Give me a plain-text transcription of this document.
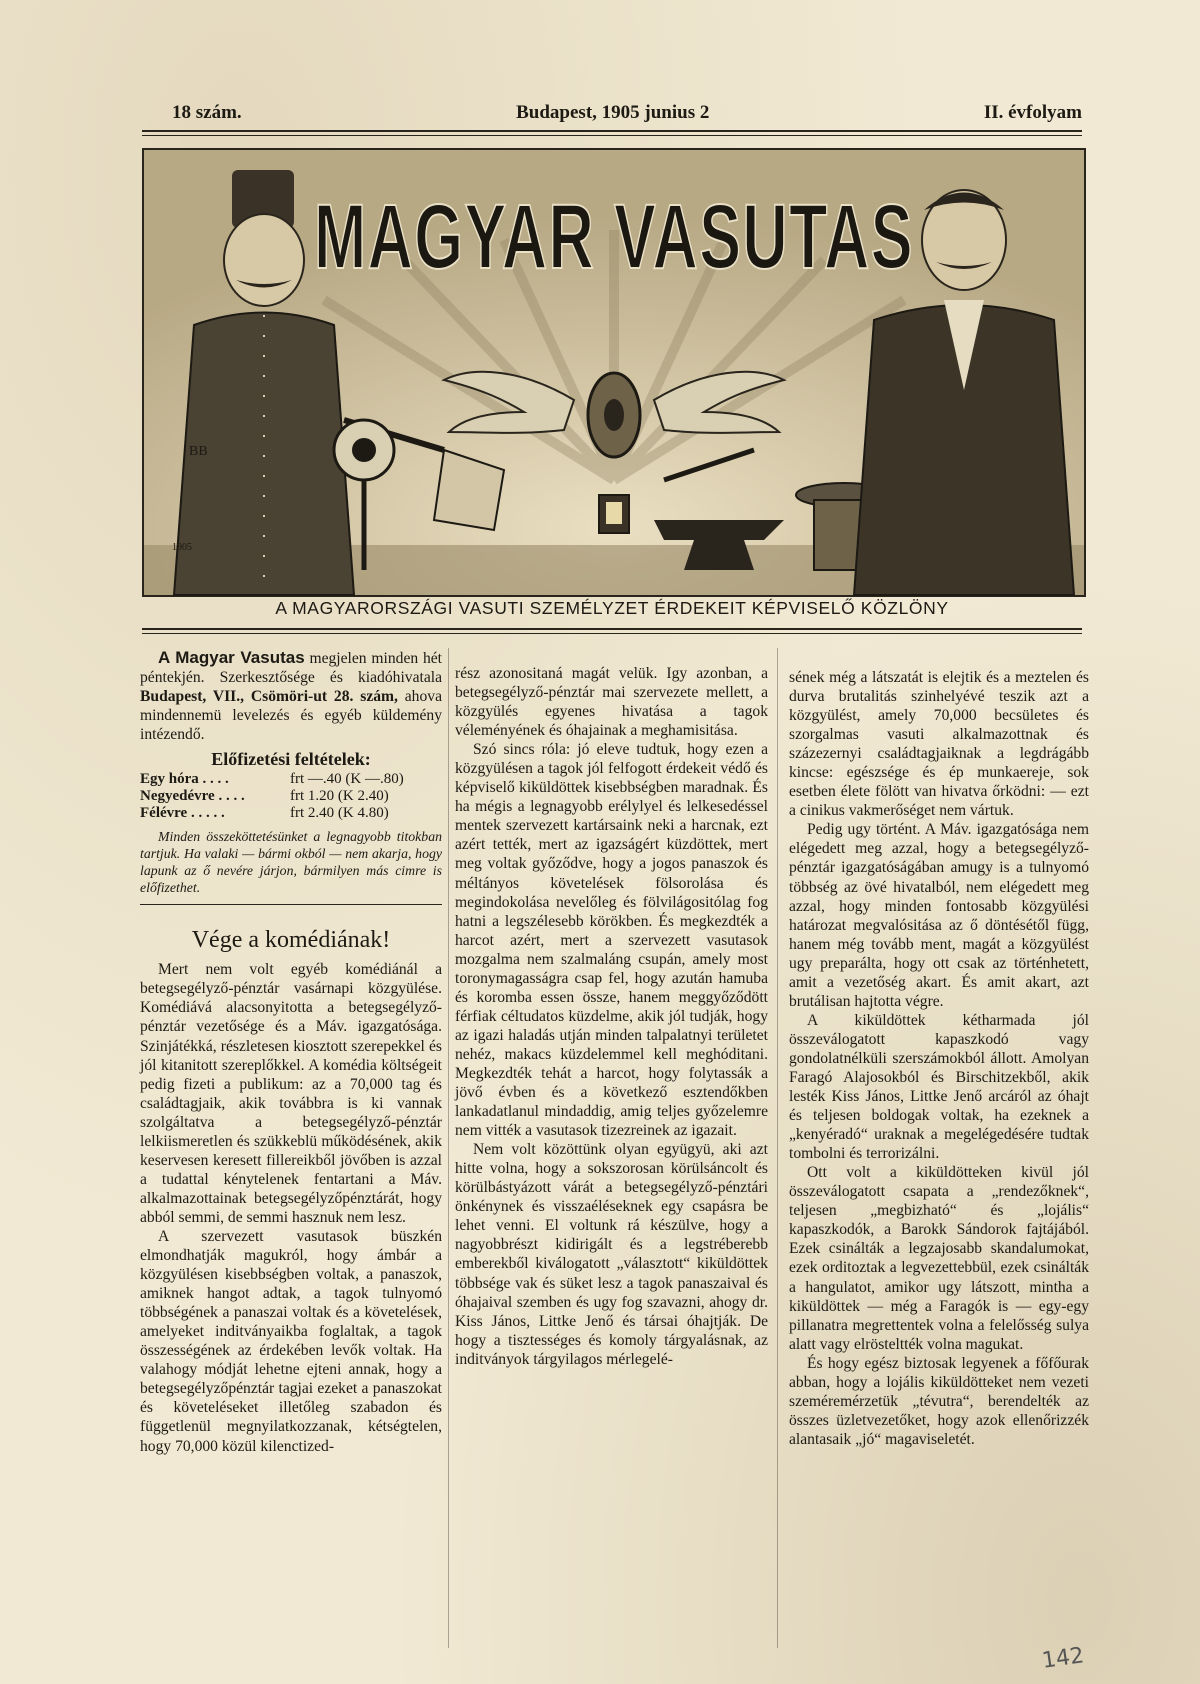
18 szám.	Budapest, 1905 junius 2	II. évfolyam
MAGYAR VASUTAS
BB
1905
A MAGYARORSZÁGI VASUTI SZEMÉLYZET ÉRDEKEIT KÉPVISELŐ KÖZLÖNY

A Magyar Vasutas megjelen minden hét péntekjén. Szerkesztősége és kiadóhivatala Budapest, VII., Csömöri-ut 28. szám, ahova mindennemü levelezés és egyéb küldemény intézendő.

Előfizetési feltételek:

Egy hóra . . . .	frt —.40 (K —.80)
Negyedévre . . . .	frt 1.20 (K 2.40)
Félévre . . . . .	frt 2.40 (K 4.80)

Minden összeköttetésünket a legnagyobb titokban tartjuk. Ha valaki — bármi okból — nem akarja, hogy lapunk az ő nevére járjon, bármilyen más cimre is előfizethet.

Vége a komédiának!

Mert nem volt egyéb komédiánál a betegsegélyző-pénztár vasárnapi közgyülése. Komédiává alacsonyitotta a betegsegélyző-pénztár vezetősége és a Máv. igazgatósága. Szinjátékká, részletesen kiosztott szerepekkel és jól kitanitott szereplőkkel. A komédia költségeit pedig fizeti a publikum: az a 70,000 tag és családtagjaik, akik továbbra is ki vannak szolgáltatva a betegsegélyző-pénztár lelkiismeretlen és szükkeblü működésének, akik keservesen keresett fillereikből jövőben is azzal a tudattal kénytelenek fentartani a Máv. alkalmazottainak betegsegélyzőpénztárát, hogy abból semmi, de semmi hasznuk nem lesz.

A szervezett vasutasok büszkén elmondhatják magukról, hogy ámbár a közgyülésen kisebbségben voltak, a panaszok, amiknek hangot adtak, a tagok tulnyomó többségének a panaszai voltak és a követelések, amelyeket inditványaikba foglaltak, a tagok összességének az érdekében levők voltak. Ha valahogy módját lehetne ejteni annak, hogy a betegsegélyzőpénztár tagjai ezeket a panaszokat és követeléseket illetőleg szabadon és függetlenül megnyilatkozzanak, kétségtelen, hogy 70,000 közül kilenctized-

rész azonositaná magát velük. Igy azonban, a betegsegélyző-pénztár mai szervezete mellett, a közgyülés egyenes hivatása a tagok véleményének és óhajainak a meghamisitása.

Szó sincs róla: jó eleve tudtuk, hogy ezen a közgyülésen a tagok jól felfogott érdekeit védő és képviselő kiküldöttek kisebbségben maradnak. És ha mégis a legnagyobb erélylyel és lelkesedéssel mentek szervezett kartársaink neki a harcnak, ezt azért tették, mert az igazságért küzdöttek, mert meg voltak győződve, hogy a jogos panaszok és méltányos követelések fölsorolása és megindokolása nevelőleg és fölvilágositólag fog hatni a legszélesebb körökben. És megkezdték a harcot azért, mert a szervezett vasutasok mozgalma nem szalmaláng csupán, amely most toronymagasságra csap fel, hogy azután hamuba és koromba essen össze, hanem meggyőződött férfiak céltudatos küzdelme, akik jól tudják, hogy az igazi haladás utján minden talpalatnyi területet nehéz, makacs küzdelemmel kell meghóditani. Megkezdték tehát a harcot, hogy folytassák a jövő évben és a következő esztendőkben lankadatlanul mindaddig, amig teljes győzelemre nem vitték a vasutasok tizezreinek az igazait.

Nem volt közöttünk olyan együgyü, aki azt hitte volna, hogy a sokszorosan körülsáncolt és körülbástyázott várát a betegsegélyző-pénztári önkénynek és visszaéléseknek egy csapásra be lehet venni. El voltunk rá készülve, hogy a nagyobbrészt kidirigált és a legstréberebb emberekből kiválogatott „választott“ kiküldöttek többsége vak és süket lesz a tagok panaszaival és óhajaival szemben és ugy fog szavazni, ahogy dr. Kiss János, Littke Jenő és társai óhajtják. De hogy a tisztességes és komoly tárgyalásnak, az inditványok tárgyilagos mérlegelé-

sének még a látszatát is elejtik és a meztelen és durva brutalitás szinhelyévé teszik azt a közgyülést, amely 70,000 becsületes és szorgalmas vasuti alkalmazottnak és százezernyi családtagjaiknak a legdrágább kincse: egészsége és ép munkaereje, sok esetben élete fölött van hivatva őrködni: — ezt a cinikus vakmerőséget nem vártuk.

Pedig ugy történt. A Máv. igazgatósága nem elégedett meg azzal, hogy a betegsegélyző-pénztár igazgatóságában amugy is a tulnyomó többség az övé hivatalból, nem elégedett meg azzal, hogy minden fontosabb közgyülési határozat megvalósitása az ő döntésétől függ, hanem még tovább ment, magát a közgyülést ugy preparálta, hogy ott csak az történhetett, amit a vezetőség akart. És amit akart, azt brutálisan hajtotta végre.

A kiküldöttek kétharmada jól összeválogatott kapaszkodó vagy gondolatnélküli szerszámokból állott. Amolyan Faragó Alajosokból és Birschitzekből, akik lesték Kiss János, Littke Jenő arcáról az óhajt és teljesen boldogak voltak, ha ezeknek a „kenyéradó“ uraknak a megelégedésére tudtak tombolni és terrorizálni.

Ott volt a kiküldötteken kivül jól összeválogatott csapata a „rendezőknek“, teljesen „megbizható“ és „lojális“ kapaszkodók, a Barokk Sándorok fajtájából. Ezek csinálták a legzajosabb skandalumokat, ezek orditoztak a legvezettebbül, ezek csinálták a hangulatot, amikor ugy látszott, mintha a kiküldöttek — még a Faragók is — egy-egy pillanatra megrettentek volna a felelősség sulya alatt vagy elrösteltték volna magukat.

És hogy egész biztosak legyenek a főfőurak abban, hogy a lojális kiküldötteket nem vezeti szeméremérzetük „tévutra“, berendelték az összes üzletvezetőket, hogy azok ellenőrizzék alantasaik „jó“ magaviseletét.

142
